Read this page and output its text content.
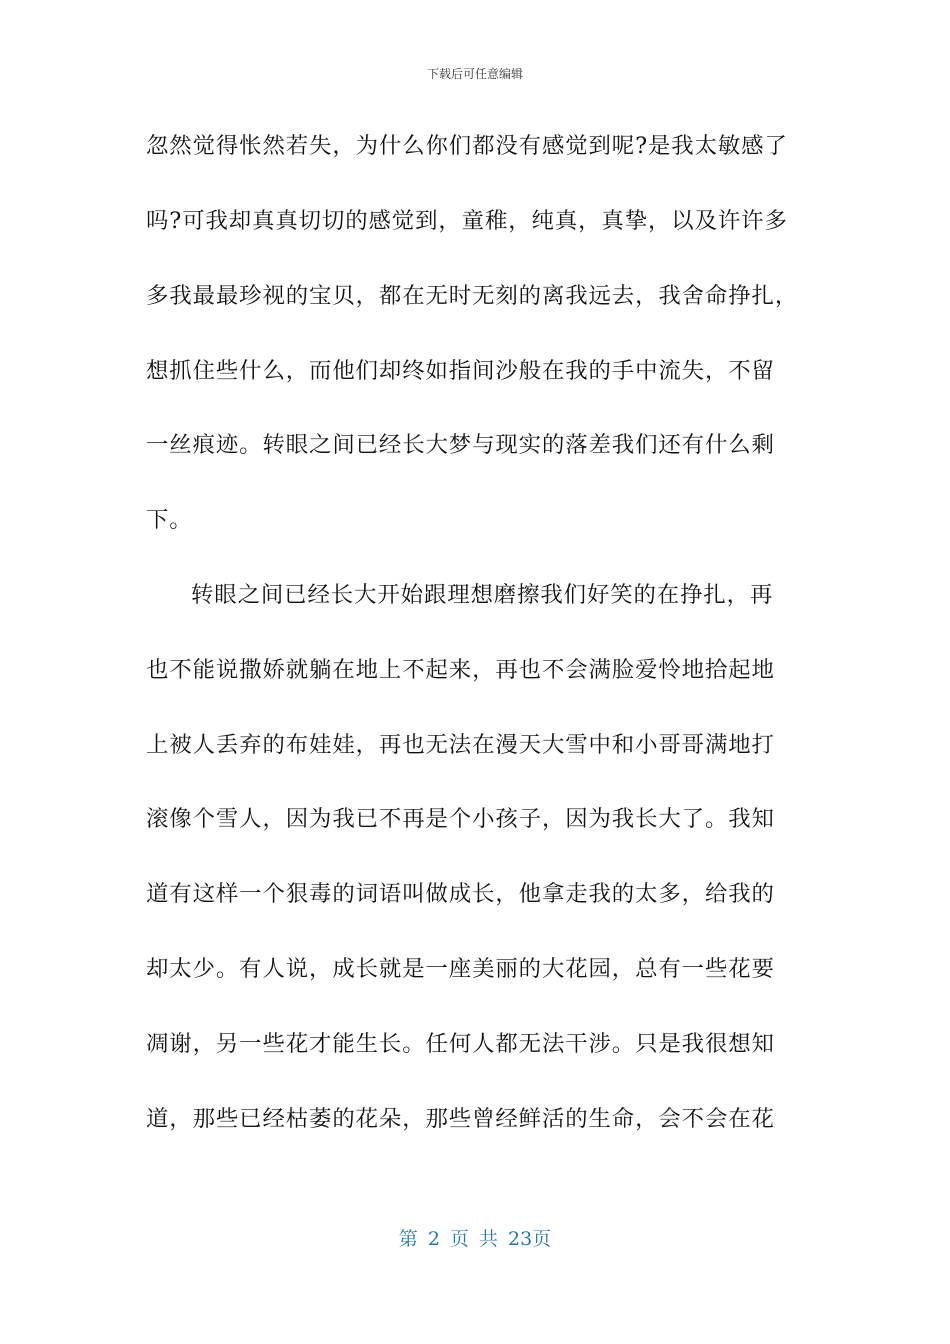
下载后可任意编辑
忽然觉得怅然若失，为什么你们都没有感觉到呢?是我太敏感了
吗?可我却真真切切的感觉到，童稚，纯真，真挚，以及许许多
多我最最珍视的宝贝，都在无时无刻的离我远去，我舍命挣扎，
想抓住些什么，而他们却终如指间沙般在我的手中流失，不留
一丝痕迹。转眼之间已经长大梦与现实的落差我们还有什么剩
下。
转眼之间已经长大开始跟理想磨擦我们好笑的在挣扎，再
也不能说撒娇就躺在地上不起来，再也不会满脸爱怜地拾起地
上被人丢弃的布娃娃，再也无法在漫天大雪中和小哥哥满地打
滚像个雪人，因为我已不再是个小孩子，因为我长大了。我知
道有这样一个狠毒的词语叫做成长，他拿走我的太多，给我的
却太少。有人说，成长就是一座美丽的大花园，总有一些花要
凋谢，另一些花才能生长。任何人都无法干涉。只是我很想知
道，那些已经枯萎的花朵，那些曾经鲜活的生命，会不会在花
第 2 页 共 23页
